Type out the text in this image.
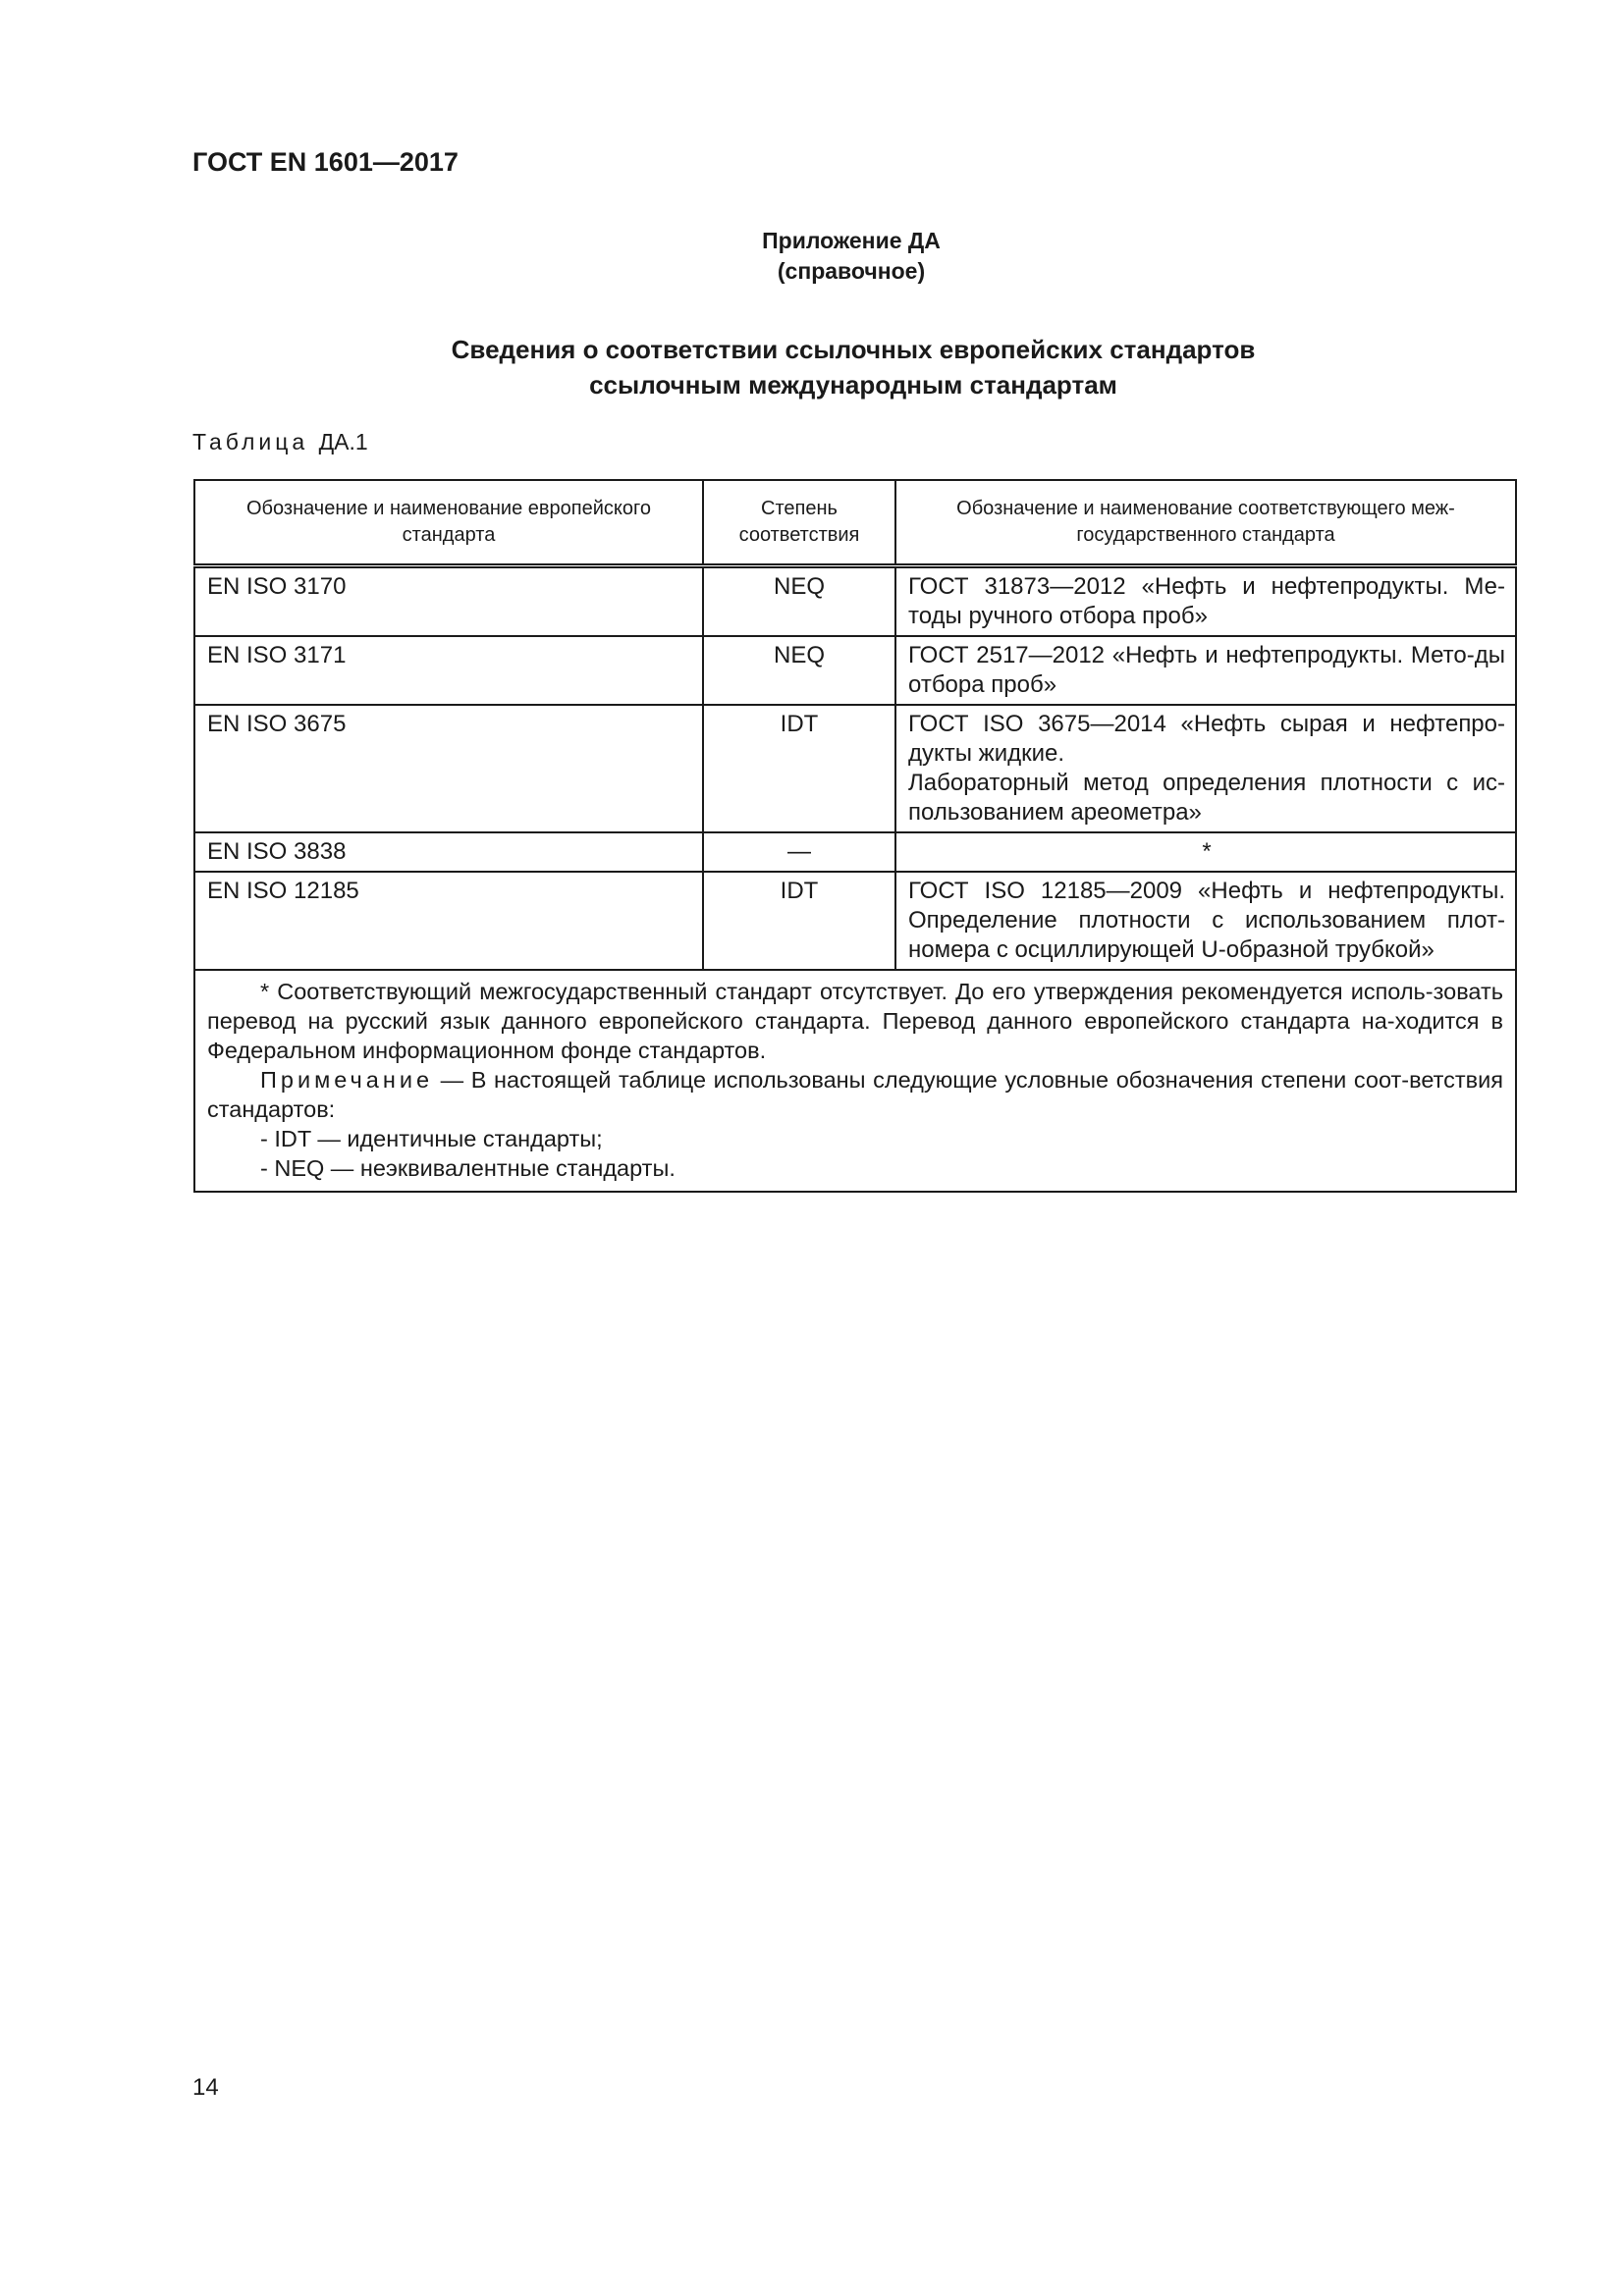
ГОСТ EN 1601—2017
Приложение ДА
(справочное)
Сведения о соответствии ссылочных европейских стандартов
ссылочным международным стандартам
Таблица ДА.1
Обозначение и наименование европейского стандарта	Степень соответствия	Обозначение и наименование соответствующего меж-государственного стандарта
EN ISO 3170	NEQ	ГОСТ 31873—2012 «Нефть и нефтепродукты. Ме-тоды ручного отбора проб»
EN ISO 3171	NEQ	ГОСТ 2517—2012 «Нефть и нефтепродукты. Мето-ды отбора проб»
EN ISO 3675	IDT	ГОСТ ISO 3675—2014 «Нефть сырая и нефтепро-дукты жидкие.
Лабораторный метод определения плотности с ис-пользованием ареометра»

EN ISO 3838	—	*
EN ISO 12185	IDT	ГОСТ ISO 12185—2009 «Нефть и нефтепродукты. Определение плотности с использованием плот-номера с осциллирующей U-образной трубкой»

* Соответствующий межгосударственный стандарт отсутствует. До его утверждения рекомендуется исполь-зовать перевод на русский язык данного европейского стандарта. Перевод данного европейского стандарта на-ходится в Федеральном информационном фонде стандартов.
Примечание — В настоящей таблице использованы следующие условные обозначения степени соот-ветствия стандартов:
- IDT — идентичные стандарты;
- NEQ — неэквивалентные стандарты.		
14
